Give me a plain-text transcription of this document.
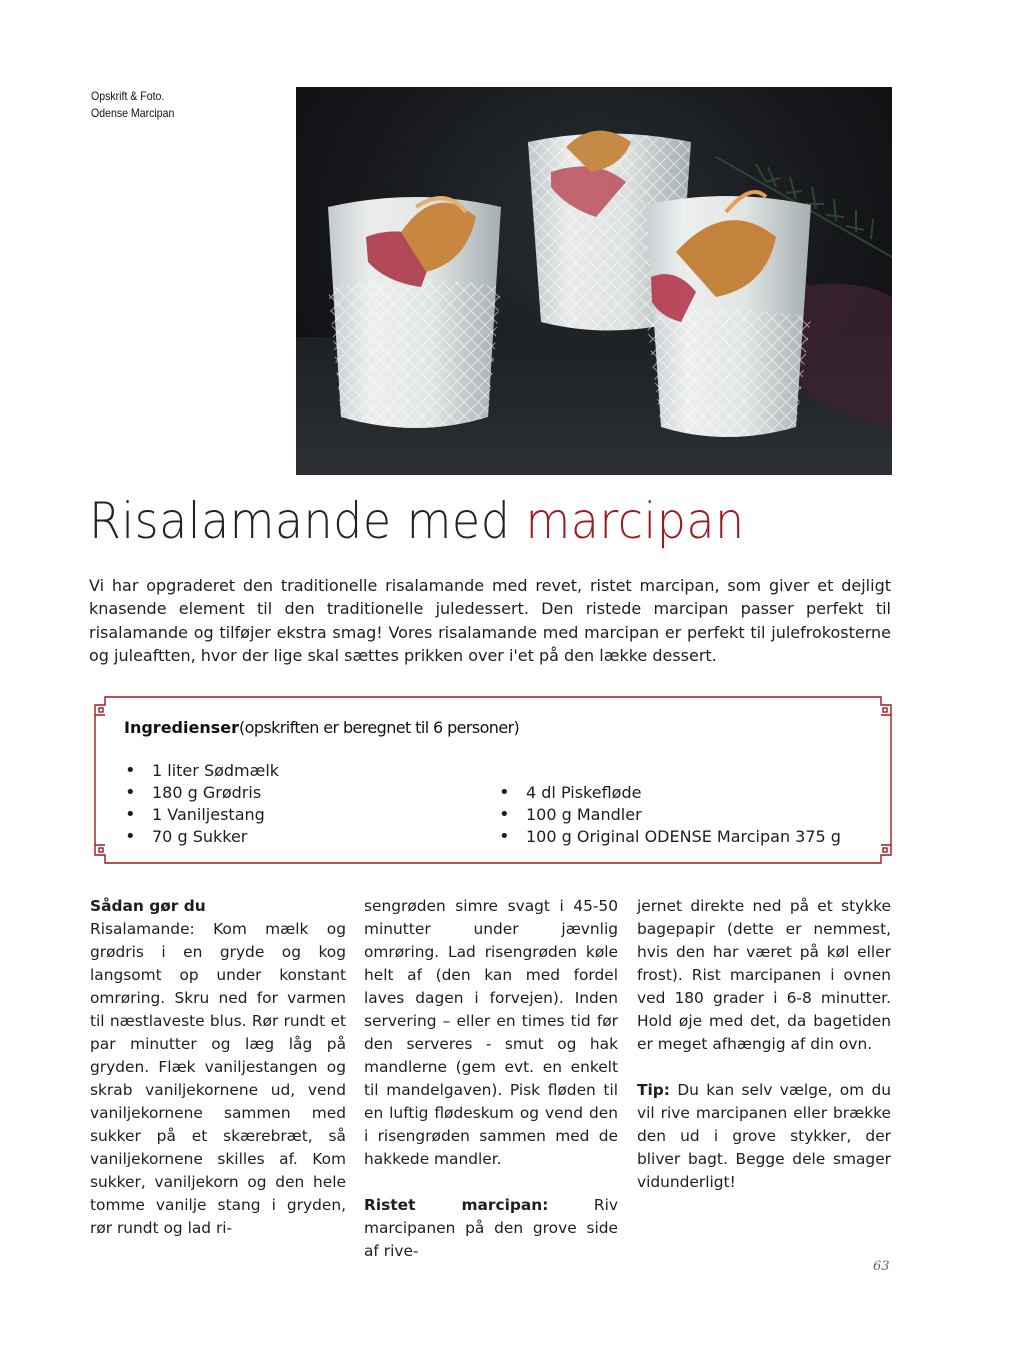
Opskrift & Foto.
Odense Marcipan
Risalamande med marcipan

Vi har opgraderet den traditionelle risalamande med revet, ristet marcipan, som giver et dejligt knasende element til den traditionelle juledessert. Den ristede marcipan passer perfekt til risalamande og tilføjer ekstra smag! Vores risalamande med marcipan er perfekt til julefrokosterne og juleaftten, hvor der lige skal sættes prikken over i'et på den lække dessert.

Ingredienser(opskriften er beregnet til 6 personer)
• 1 liter Sødmælk
• 180 g Grødris
• 1 Vaniljestang
• 70 g Sukker
• 4 dl Piskefløde
• 100 g Mandler
• 100 g Original ODENSE Marcipan 375 g
Sådan gør du

Risalamande: Kom mælk og grødris i en gryde og kog langsomt op under konstant omrøring. Skru ned for varmen til næstlaveste blus. Rør rundt et par minutter og læg låg på gryden. Flæk vaniljestangen og skrab vaniljekornene ud, vend vaniljekornene sammen med sukker på et skærebræt, så vaniljekornene skilles af. Kom sukker, vaniljekorn og den hele tomme vanilje stang i gryden, rør rundt og lad ri-

sengrøden simre svagt i 45-50 minutter under jævnlig omrøring. Lad risengrøden køle helt af (den kan med fordel laves dagen i forvejen). Inden servering – eller en times tid før den serveres - smut og hak mandlerne (gem evt. en enkelt til mandelgaven). Pisk fløden til en luftig flødeskum og vend den i risengrøden sammen med de hakkede mandler.

Ristet marcipan: Riv marcipanen på den grove side af rive-

jernet direkte ned på et stykke bagepapir (dette er nemmest, hvis den har været på køl eller frost). Rist marcipanen i ovnen ved 180 grader i 6-8 minutter. Hold øje med det, da bagetiden er meget afhængig af din ovn.

Tip: Du kan selv vælge, om du vil rive marcipanen eller brække den ud i grove stykker, der bliver bagt. Begge dele smager vidunderligt!

63
